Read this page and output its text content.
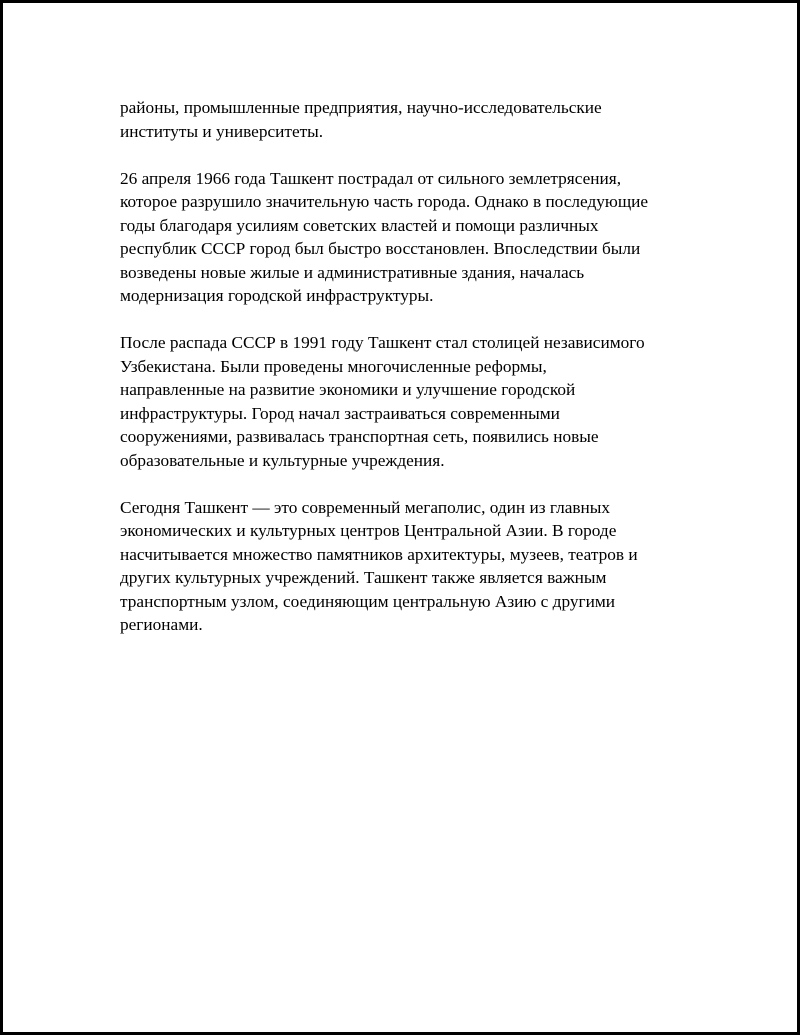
районы, промышленные предприятия, научно-исследовательские
институты и университеты.

26 апреля 1966 года Ташкент пострадал от сильного землетрясения,
которое разрушило значительную часть города. Однако в последующие
годы благодаря усилиям советских властей и помощи различных
республик СССР город был быстро восстановлен. Впоследствии были
возведены новые жилые и административные здания, началась
модернизация городской инфраструктуры.

После распада СССР в 1991 году Ташкент стал столицей независимого
Узбекистана. Были проведены многочисленные реформы,
направленные на развитие экономики и улучшение городской
инфраструктуры. Город начал застраиваться современными
сооружениями, развивалась транспортная сеть, появились новые
образовательные и культурные учреждения.

Сегодня Ташкент — это современный мегаполис, один из главных
экономических и культурных центров Центральной Азии. В городе
насчитывается множество памятников архитектуры, музеев, театров и
других культурных учреждений. Ташкент также является важным
транспортным узлом, соединяющим центральную Азию с другими
регионами.
